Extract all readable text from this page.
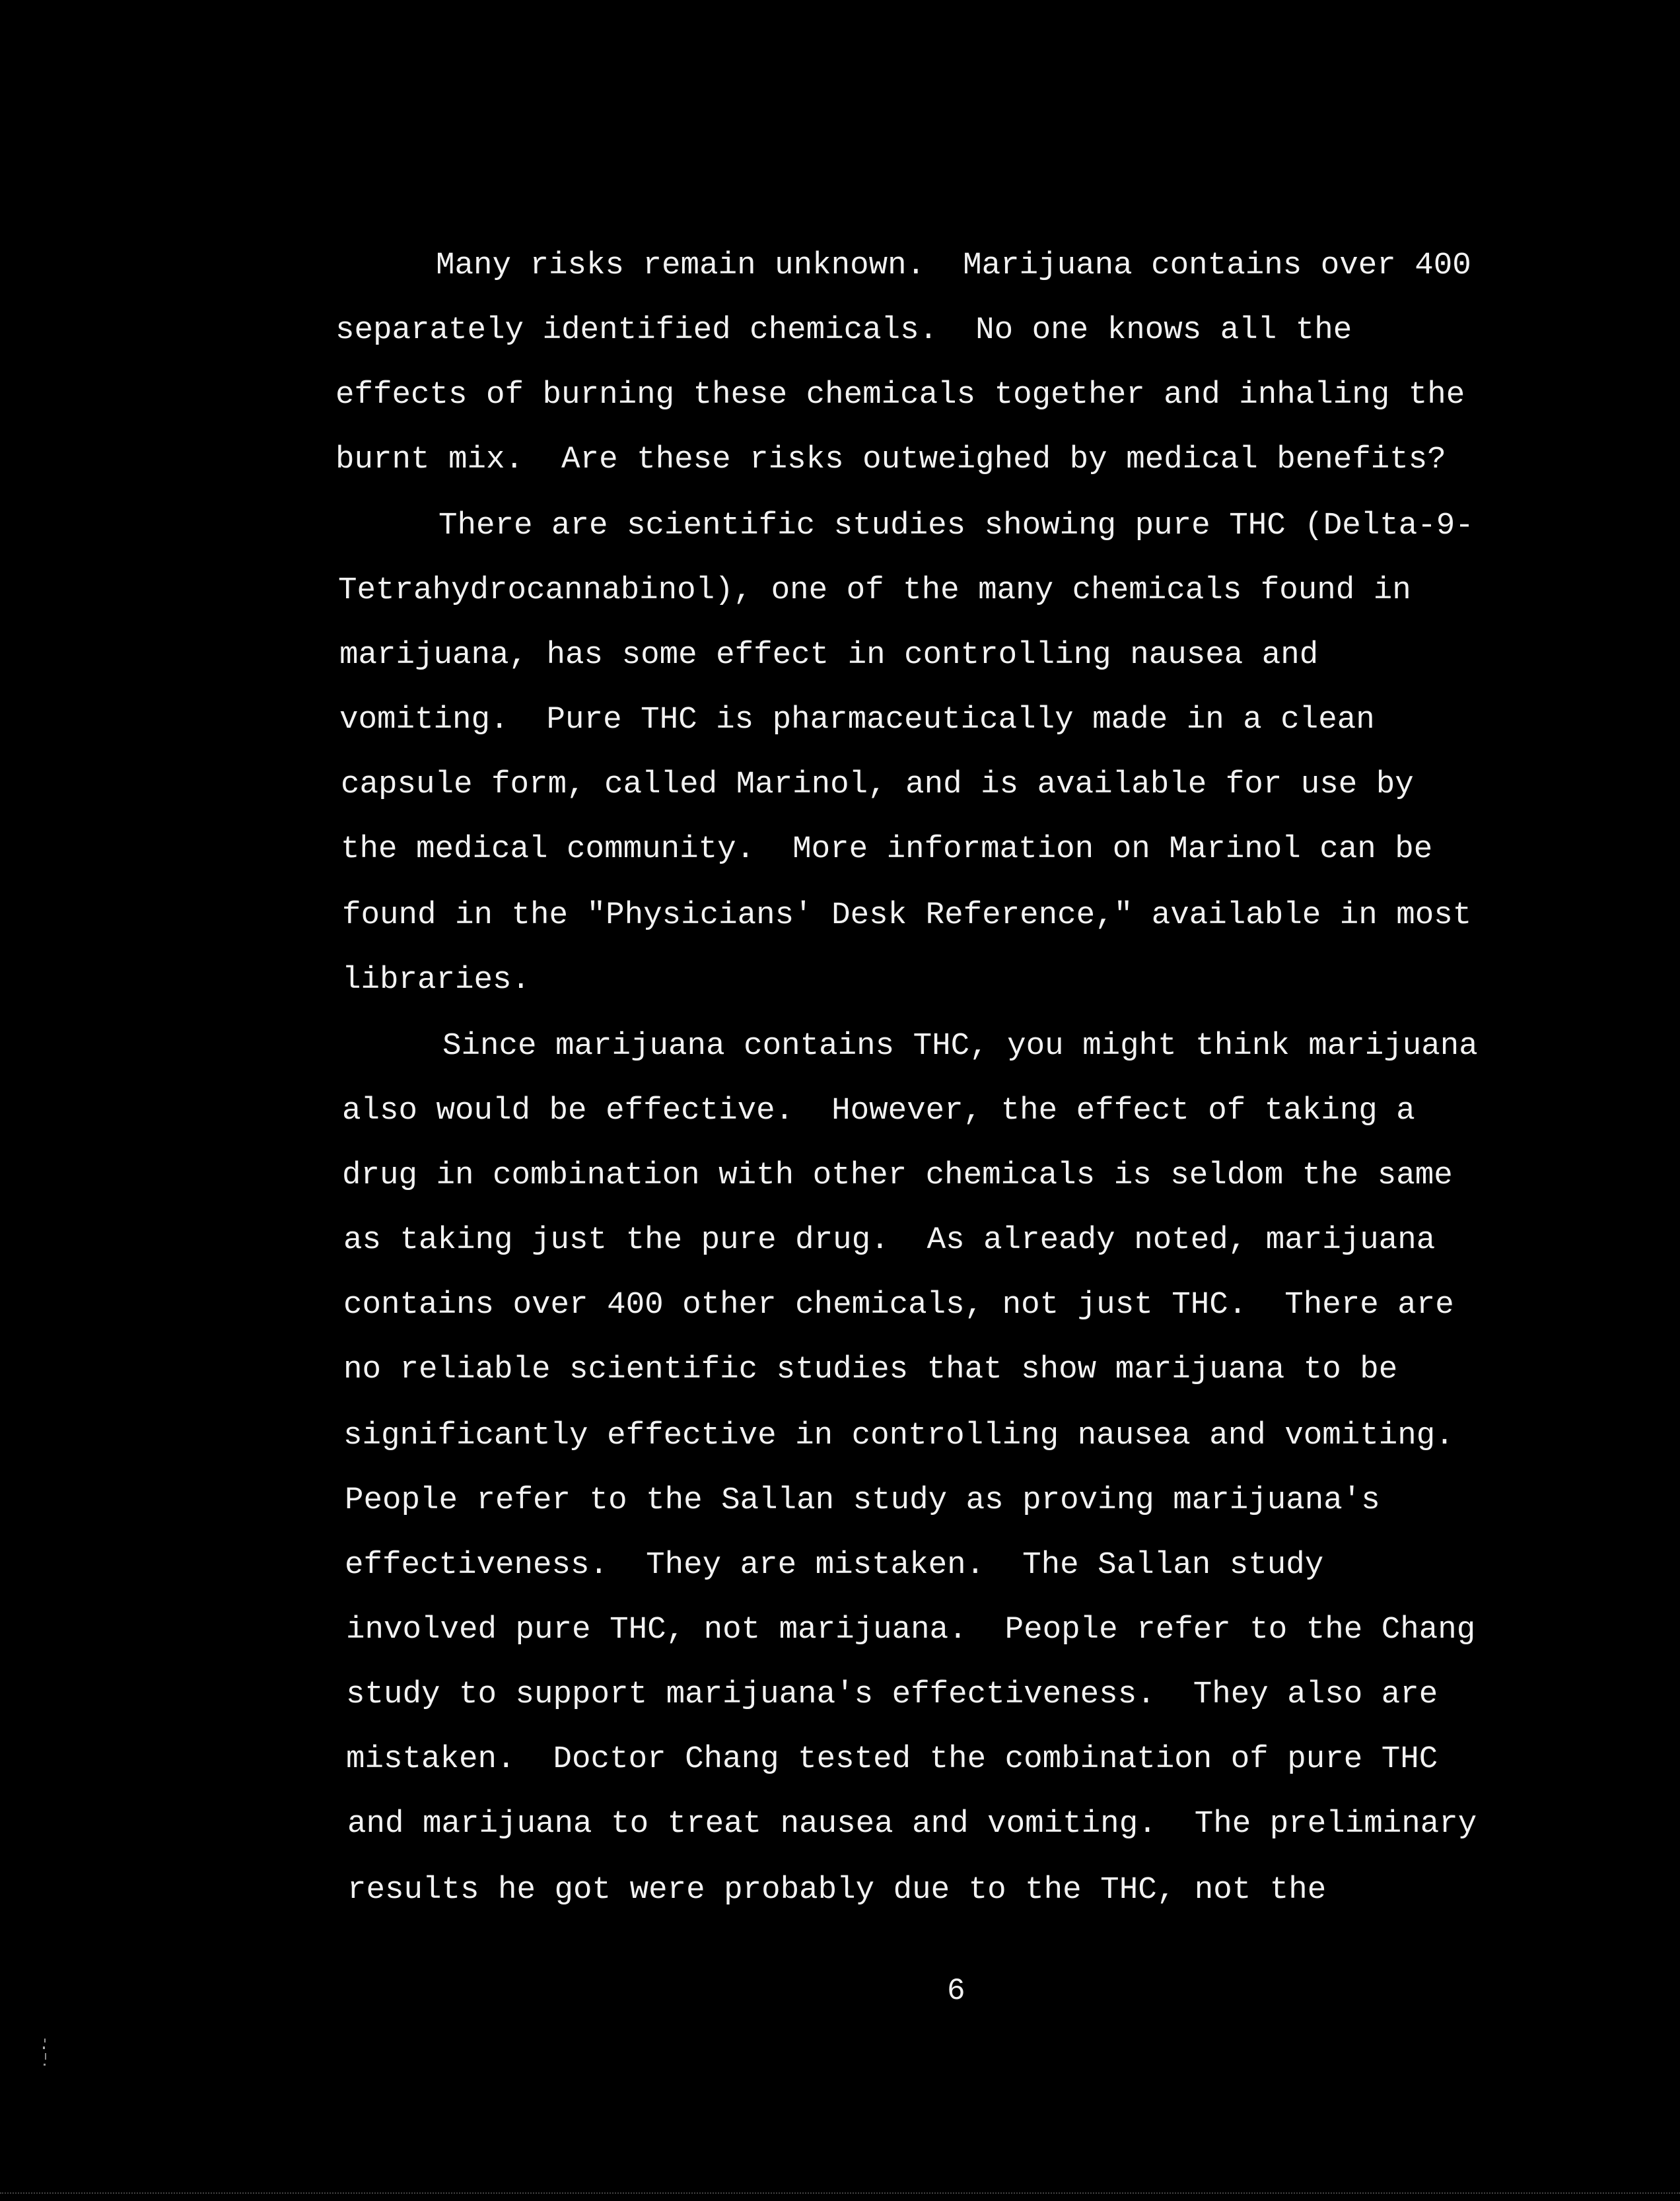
Many risks remain unknown.  Marijuana contains over 400
separately identified chemicals.  No one knows all the
effects of burning these chemicals together and inhaling the
burnt mix.  Are these risks outweighed by medical benefits?
There are scientific studies showing pure THC (Delta-9-
Tetrahydrocannabinol), one of the many chemicals found in
marijuana, has some effect in controlling nausea and
vomiting.  Pure THC is pharmaceutically made in a clean
capsule form, called Marinol, and is available for use by
the medical community.  More information on Marinol can be
found in the "Physicians' Desk Reference," available in most
libraries.
Since marijuana contains THC, you might think marijuana
also would be effective.  However, the effect of taking a
drug in combination with other chemicals is seldom the same
as taking just the pure drug.  As already noted, marijuana
contains over 400 other chemicals, not just THC.  There are
no reliable scientific studies that show marijuana to be
significantly effective in controlling nausea and vomiting.
People refer to the Sallan study as proving marijuana's
effectiveness.  They are mistaken.  The Sallan study
involved pure THC, not marijuana.  People refer to the Chang
study to support marijuana's effectiveness.  They also are
mistaken.  Doctor Chang tested the combination of pure THC
and marijuana to treat nausea and vomiting.  The preliminary
results he got were probably due to the THC, not the
6
